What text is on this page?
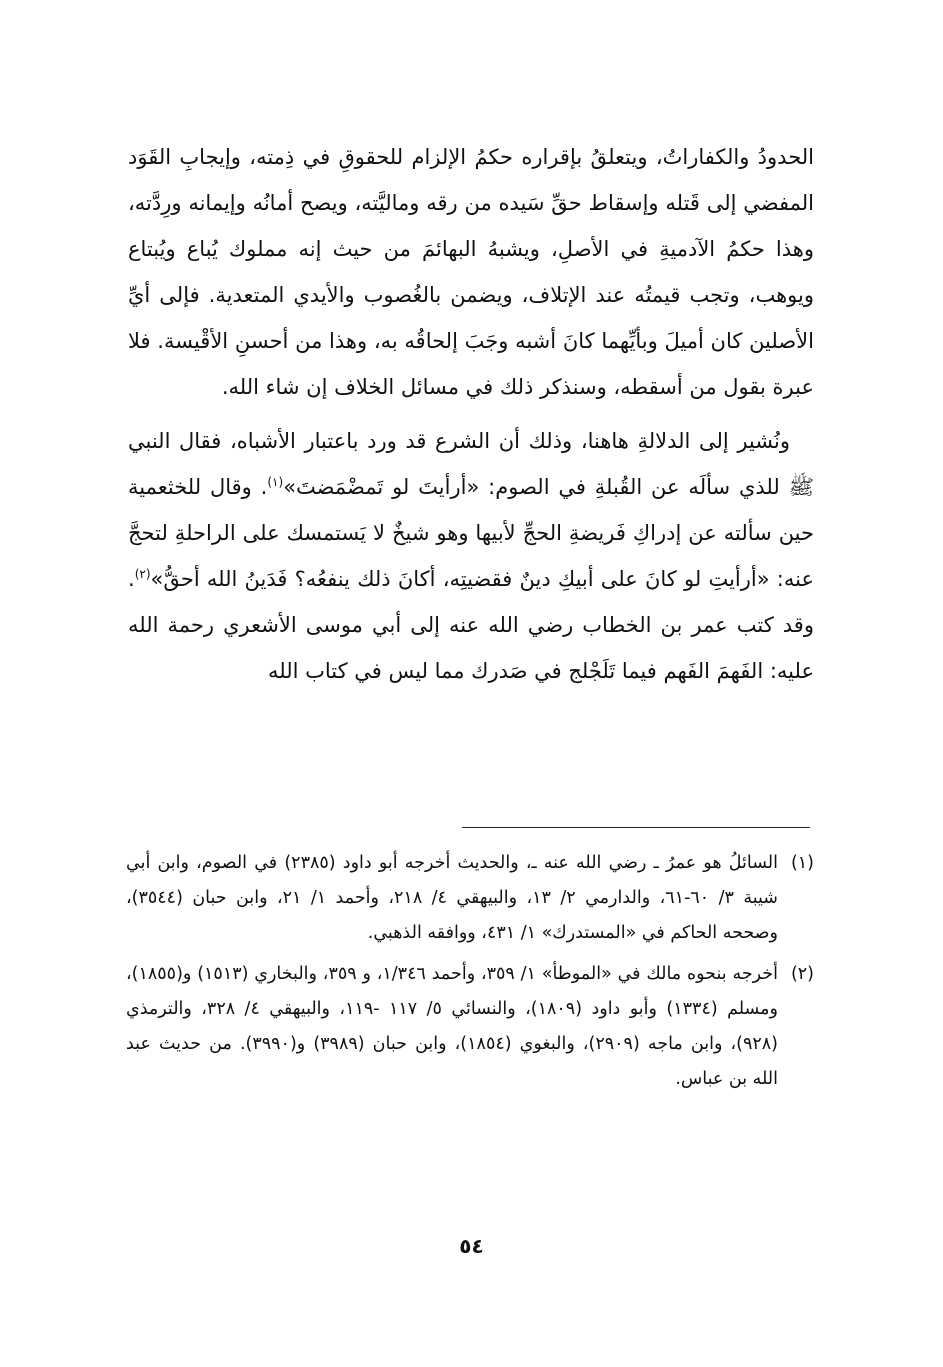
الحدودُ والكفاراتُ، ويتعلقُ بإقراره حكمُ الإلزام للحقوقِ في ذِمته، وإيجابِ القَوَد المفضي إلى قَتله وإسقاط حقِّ سَيده من رقه وماليَّته، ويصح أمانُه وإيمانه ورِدَّته، وهذا حكمُ الآدميةِ في الأصلِ، ويشبهُ البهائمَ من حيث إنه مملوك يُباع ويُبتاع ويوهب، وتجب قيمتُه عند الإتلاف، ويضمن بالغُصوب والأيدي المتعدية. فإلى أيِّ الأصلين كان أميلَ وبأيِّهما كانَ أشبه وجَبَ إلحاقُه به، وهذا من أحسنِ الأقْيسة. فلا عبرة بقول من أسقطه، وسنذكر ذلك في مسائل الخلاف إن شاء الله.

ونُشير إلى الدلالةِ هاهنا، وذلك أن الشرع قد ورد باعتبار الأشباه، فقال النبي ﷺ للذي سألَه عن القُبلةِ في الصوم: «أرأيتَ لو تَمضْمَضتَ»$^{(١)}$. وقال للخثعمية حين سألته عن إدراكِ فَريضةِ الحجِّ لأبيها وهو شيخٌ لا يَستمسك على الراحلةِ لتحجَّ عنه: «أرأيتِ لو كانَ على أبيكِ دينٌ فقضيتِه، أكانَ ذلك ينفعُه؟ فَدَينُ الله أحقُّ»$^{(٢)}$. وقد كتب عمر بن الخطاب رضي الله عنه إلى أبي موسى الأشعري رحمة الله عليه: الفَهمَ الفَهم فيما تَلَجْلج في صَدرك مما ليس في كتاب الله

(١)
السائلُ هو عمرُ ـ رضي الله عنه ـ، والحديث أخرجه أبو داود (٢٣٨٥) في الصوم، وابن أبي شيبة ٣/ ٦٠-٦١، والدارمي ٢/ ١٣، والبيهقي ٤/ ٢١٨، وأحمد ١/ ٢١، وابن حبان (٣٥٤٤)، وصححه الحاكم في «المستدرك» ١/ ٤٣١، ووافقه الذهبي.

(٢)
أخرجه بنحوه مالك في «الموطأ» ١/ ٣٥٩، وأحمد ١/٣٤٦، و ٣٥٩، والبخاري (١٥١٣) و(١٨٥٥)، ومسلم (١٣٣٤) وأبو داود (١٨٠٩)، والنسائي ٥/ ١١٧ -١١٩، والبيهقي ٤/ ٣٢٨، والترمذي (٩٢٨)، وابن ماجه (٢٩٠٩)، والبغوي (١٨٥٤)، وابن حبان (٣٩٨٩) و(٣٩٩٠). من حديث عبد الله بن عباس.

٥٤
